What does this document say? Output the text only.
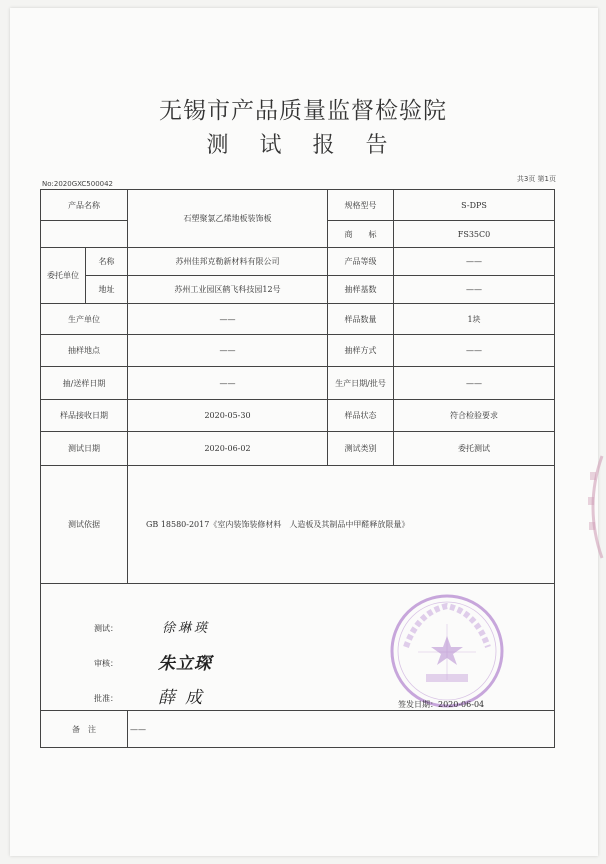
无锡市产品质量监督检验院
测 试 报 告
No:2020GXC500042
共3页 第1页
产品名称		石塑聚氯乙烯地板装饰板	规格型号	S-DPS
			商　　标	FS35C0
委托单位	名称	苏州佳邦克勒新材料有限公司	产品等级	——
	地址	苏州工业园区鹤飞科技园12号	抽样基数	——
生产单位		——	样品数量	1块
抽样地点		——	抽样方式	——
抽/送样日期		——	生产日期/批号	——
样品接收日期		2020-05-30	样品状态	符合检验要求
测试日期		2020-06-02	测试类别	委托测试
测试依据		GB 18580-2017《室内装饰装修材料　人造板及其制品中甲醛释放限量》		

备　注		——		
测试：	徐琳瑛
审核： 朱立琛
批准： 薛成	签发日期：2020-06-04
